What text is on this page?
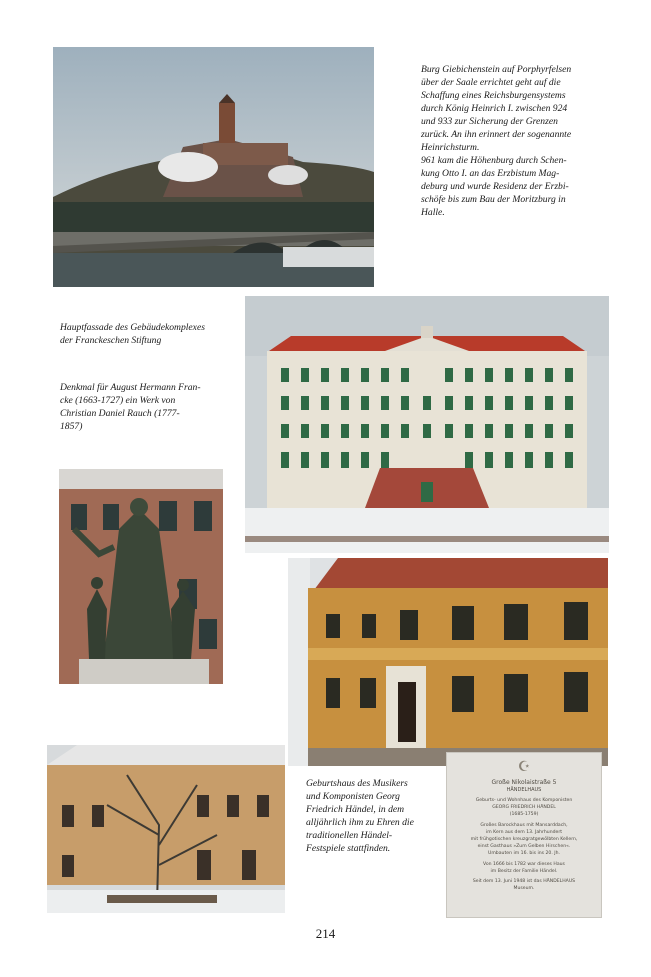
Burg Giebichenstein auf Porphyrfelsen

über der Saale errichtet geht auf die

Schaffung eines Reichsburgensystems

durch König Heinrich I. zwischen 924

und 933 zur Sicherung der Grenzen

zurück. An ihn erinnert der sogenannte

Heinrichsturm.

961 kam die Höhenburg durch Schen-

kung Otto I. an das Erzbistum Mag-

deburg und wurde Residenz der Erzbi-

schöfe bis zum Bau der Moritzburg in

Halle.

Hauptfassade des Gebäudekomplexes

der Franckeschen Stiftung

Denkmal für August Hermann Fran-

cke (1663-1727) ein Werk von

Christian Daniel Rauch (1777-

1857)

Geburtshaus des Musikers

und Komponisten Georg

Friedrich Händel, in dem

alljährlich ihm zu Ehren die

traditionellen Händel-

Festspiele stattfinden.

☪
Große Nikolaistraße 5
HÄNDELHAUS
Geburts- und Wohnhaus des Komponisten
GEORG FRIEDRICH HÄNDEL
(1685-1759)
Großes Barockhaus mit Mansarddach,
im Kern aus dem 13. Jahrhundert
mit frühgotischen kreuzgratgewölbten Kellern,
einst Gasthaus »Zum Gelben Hirschen«.
Umbauten im 16. bis ins 20. Jh.
Von 1666 bis 1782 war dieses Haus
im Besitz der Familie Händel.
Seit dem 13. Juni 1948 ist das HÄNDELHAUS
Museum.
214
